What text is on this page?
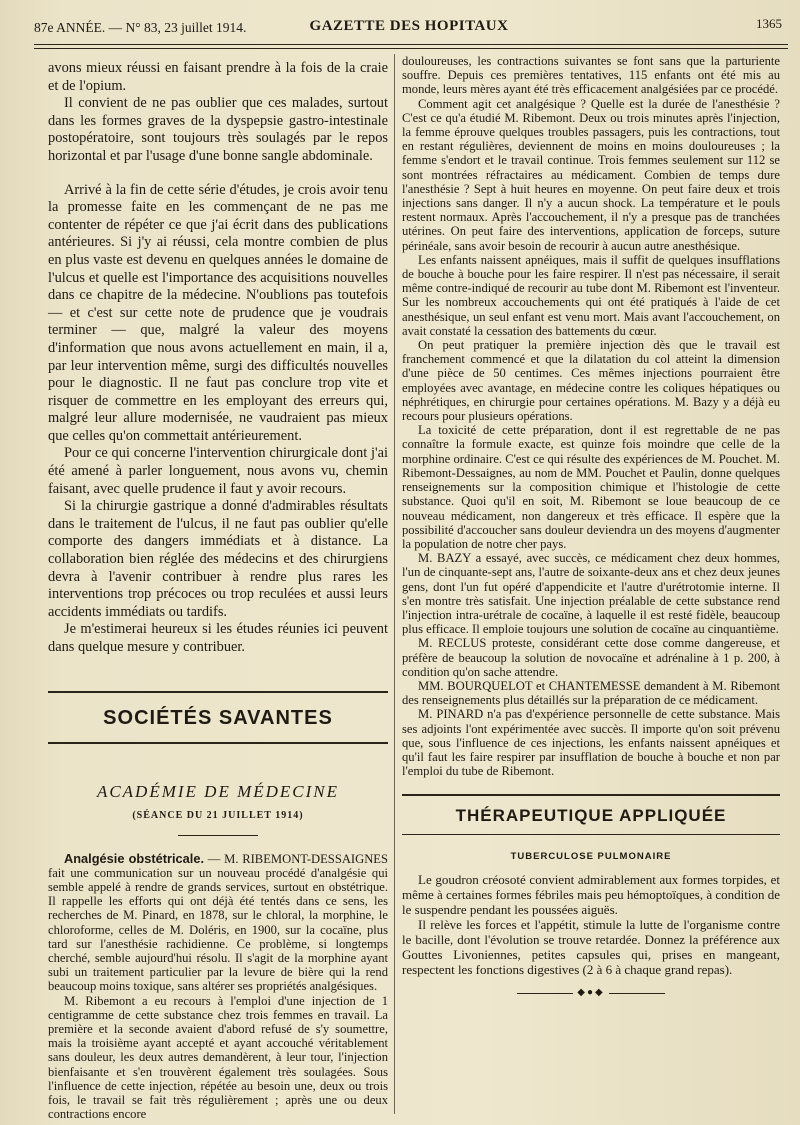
87e ANNÉE. — N° 83, 23 juillet 1914.	GAZETTE DES HOPITAUX	1365

avons mieux réussi en faisant prendre à la fois de la craie et de l'opium.

Il convient de ne pas oublier que ces malades, surtout dans les formes graves de la dyspepsie gastro-intestinale postopératoire, sont toujours très soulagés par le repos horizontal et par l'usage d'une bonne sangle abdominale.

Arrivé à la fin de cette série d'études, je crois avoir tenu la promesse faite en les commençant de ne pas me contenter de répéter ce que j'ai écrit dans des publications antérieures. Si j'y ai réussi, cela montre combien de plus en plus vaste est devenu en quelques années le domaine de l'ulcus et quelle est l'importance des acquisitions nouvelles dans ce chapitre de la médecine. N'oublions pas toutefois — et c'est sur cette note de prudence que je voudrais terminer — que, malgré la valeur des moyens d'information que nous avons actuellement en main, il a, par leur intervention même, surgi des difficultés nouvelles pour le diagnostic. Il ne faut pas conclure trop vite et risquer de commettre en les employant des erreurs qui, malgré leur allure modernisée, ne vaudraient pas mieux que celles qu'on commettait antérieurement.

Pour ce qui concerne l'intervention chirurgicale dont j'ai été amené à parler longuement, nous avons vu, chemin faisant, avec quelle prudence il faut y avoir recours.

Si la chirurgie gastrique a donné d'admirables résultats dans le traitement de l'ulcus, il ne faut pas oublier qu'elle comporte des dangers immédiats et à distance. La collaboration bien réglée des médecins et des chirurgiens devra à l'avenir contribuer à rendre plus rares les interventions trop précoces ou trop reculées et aussi leurs accidents immédiats ou tardifs.

Je m'estimerai heureux si les études réunies ici peuvent dans quelque mesure y contribuer.

SOCIÉTÉS SAVANTES
ACADÉMIE DE MÉDECINE
(SÉANCE DU 21 JUILLET 1914)

Analgésie obstétricale. — M. RIBEMONT-DESSAIGNES fait une communication sur un nouveau procédé d'analgésie qui semble appelé à rendre de grands services, surtout en obstétrique. Il rappelle les efforts qui ont déjà été tentés dans ce sens, les recherches de M. Pinard, en 1878, sur le chloral, la morphine, le chloroforme, celles de M. Doléris, en 1900, sur la cocaïne, plus tard sur l'anesthésie rachidienne. Ce problème, si longtemps cherché, semble aujourd'hui résolu. Il s'agit de la morphine ayant subi un traitement particulier par la levure de bière qui la rend beaucoup moins toxique, sans altérer ses propriétés analgésiques.

M. Ribemont a eu recours à l'emploi d'une injection de 1 centigramme de cette substance chez trois femmes en travail. La première et la seconde avaient d'abord refusé de s'y soumettre, mais la troisième ayant accepté et ayant accouché véritablement sans douleur, les deux autres demandèrent, à leur tour, l'injection bienfaisante et s'en trouvèrent également très soulagées. Sous l'influence de cette injection, répétée au besoin une, deux ou trois fois, le travail se fait très régulièrement ; après une ou deux contractions encore

douloureuses, les contractions suivantes se font sans que la parturiente souffre. Depuis ces premières tentatives, 115 enfants ont été mis au monde, leurs mères ayant été très efficacement analgésiées par ce procédé.

Comment agit cet analgésique ? Quelle est la durée de l'anesthésie ? C'est ce qu'a étudié M. Ribemont. Deux ou trois minutes après l'injection, la femme éprouve quelques troubles passagers, puis les contractions, tout en restant régulières, deviennent de moins en moins douloureuses ; la femme s'endort et le travail continue. Trois femmes seulement sur 112 se sont montrées réfractaires au médicament. Combien de temps dure l'anesthésie ? Sept à huit heures en moyenne. On peut faire deux et trois injections sans danger. Il n'y a aucun shock. La température et le pouls restent normaux. Après l'accouchement, il n'y a presque pas de tranchées utérines. On peut faire des interventions, application de forceps, suture périnéale, sans avoir besoin de recourir à aucun autre anesthésique.

Les enfants naissent apnéiques, mais il suffit de quelques insufflations de bouche à bouche pour les faire respirer. Il n'est pas nécessaire, il serait même contre-indiqué de recourir au tube dont M. Ribemont est l'inventeur. Sur les nombreux accouchements qui ont été pratiqués à l'aide de cet anesthésique, un seul enfant est venu mort. Mais avant l'accouchement, on avait constaté la cessation des battements du cœur.

On peut pratiquer la première injection dès que le travail est franchement commencé et que la dilatation du col atteint la dimension d'une pièce de 50 centimes. Ces mêmes injections pourraient être employées avec avantage, en médecine contre les coliques hépatiques ou néphrétiques, en chirurgie pour certaines opérations. M. Bazy y a déjà eu recours pour plusieurs opérations.

La toxicité de cette préparation, dont il est regrettable de ne pas connaître la formule exacte, est quinze fois moindre que celle de la morphine ordinaire. C'est ce qui résulte des expériences de M. Pouchet. M. Ribemont-Dessaignes, au nom de MM. Pouchet et Paulin, donne quelques renseignements sur la composition chimique et l'histologie de cette substance. Quoi qu'il en soit, M. Ribemont se loue beaucoup de ce nouveau médicament, non dangereux et très efficace. Il espère que la possibilité d'accoucher sans douleur deviendra un des moyens d'augmenter la population de notre cher pays.

M. BAZY a essayé, avec succès, ce médicament chez deux hommes, l'un de cinquante-sept ans, l'autre de soixante-deux ans et chez deux jeunes gens, dont l'un fut opéré d'appendicite et l'autre d'urétrotomie interne. Il s'en montre très satisfait. Une injection préalable de cette substance rend l'injection intra-urétrale de cocaïne, à laquelle il est resté fidèle, beaucoup plus efficace. Il emploie toujours une solution de cocaïne au cinquantième.

M. RECLUS proteste, considérant cette dose comme dangereuse, et préfère de beaucoup la solution de novocaïne et adrénaline à 1 p. 200, à condition qu'on sache attendre.

MM. BOURQUELOT et CHANTEMESSE demandent à M. Ribemont des renseignements plus détaillés sur la préparation de ce médicament.

M. PINARD n'a pas d'expérience personnelle de cette substance. Mais ses adjoints l'ont expérimentée avec succès. Il importe qu'on soit prévenu que, sous l'influence de ces injections, les enfants naissent apnéiques et qu'il faut les faire respirer par insufflation de bouche à bouche et non par l'emploi du tube de Ribemont.

THÉRAPEUTIQUE APPLIQUÉE
TUBERCULOSE PULMONAIRE

Le goudron créosoté convient admirablement aux formes torpides, et même à certaines formes fébriles mais peu hémoptoïques, à condition de le suspendre pendant les poussées aiguës.

Il relève les forces et l'appétit, stimule la lutte de l'organisme contre le bacille, dont l'évolution se trouve retardée. Donnez la préférence aux Gouttes Livoniennes, petites capsules qui, prises en mangeant, respectent les fonctions digestives (2 à 6 à chaque grand repas).

◆●◆
